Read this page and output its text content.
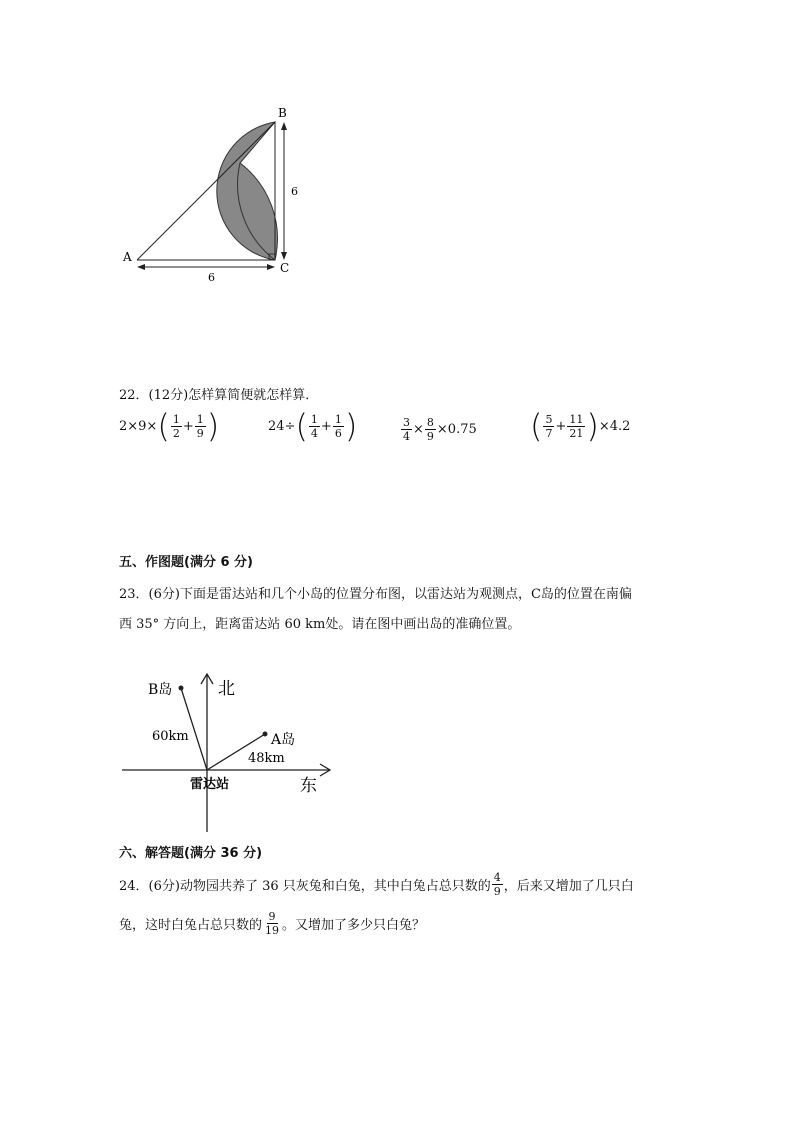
A
B
C
6
6
22．(12分)怎样算简便就怎样算．
2×9× ( $\frac{1}{2} + \frac{1}{9}$ )	24÷ ( $\frac{1}{4} + \frac{1}{6}$ )	$\frac{3}{4} \times \frac{8}{9} \times 0.75$ ( $\frac{5}{7} + \frac{11}{21}$ ) ×4.2
五、作图题(满分 6 分)
23．(6分)下面是雷达站和几个小岛的位置分布图，以雷达站为观测点，C岛的位置在南偏
西 35° 方向上，距离雷达站 60 km处。请在图中画出岛的准确位置。
北
东
B岛
A岛
60km
48km
雷达站
六、解答题(满分 36 分)
24．(6分)动物园共养了 36 只灰兔和白兔，其中白兔占总只数的 $\frac{4}{9}$ ，后来又增加了几只白
兔，这时白兔占总只数的 $\frac{9}{19}$ 。又增加了多少只白兔？
